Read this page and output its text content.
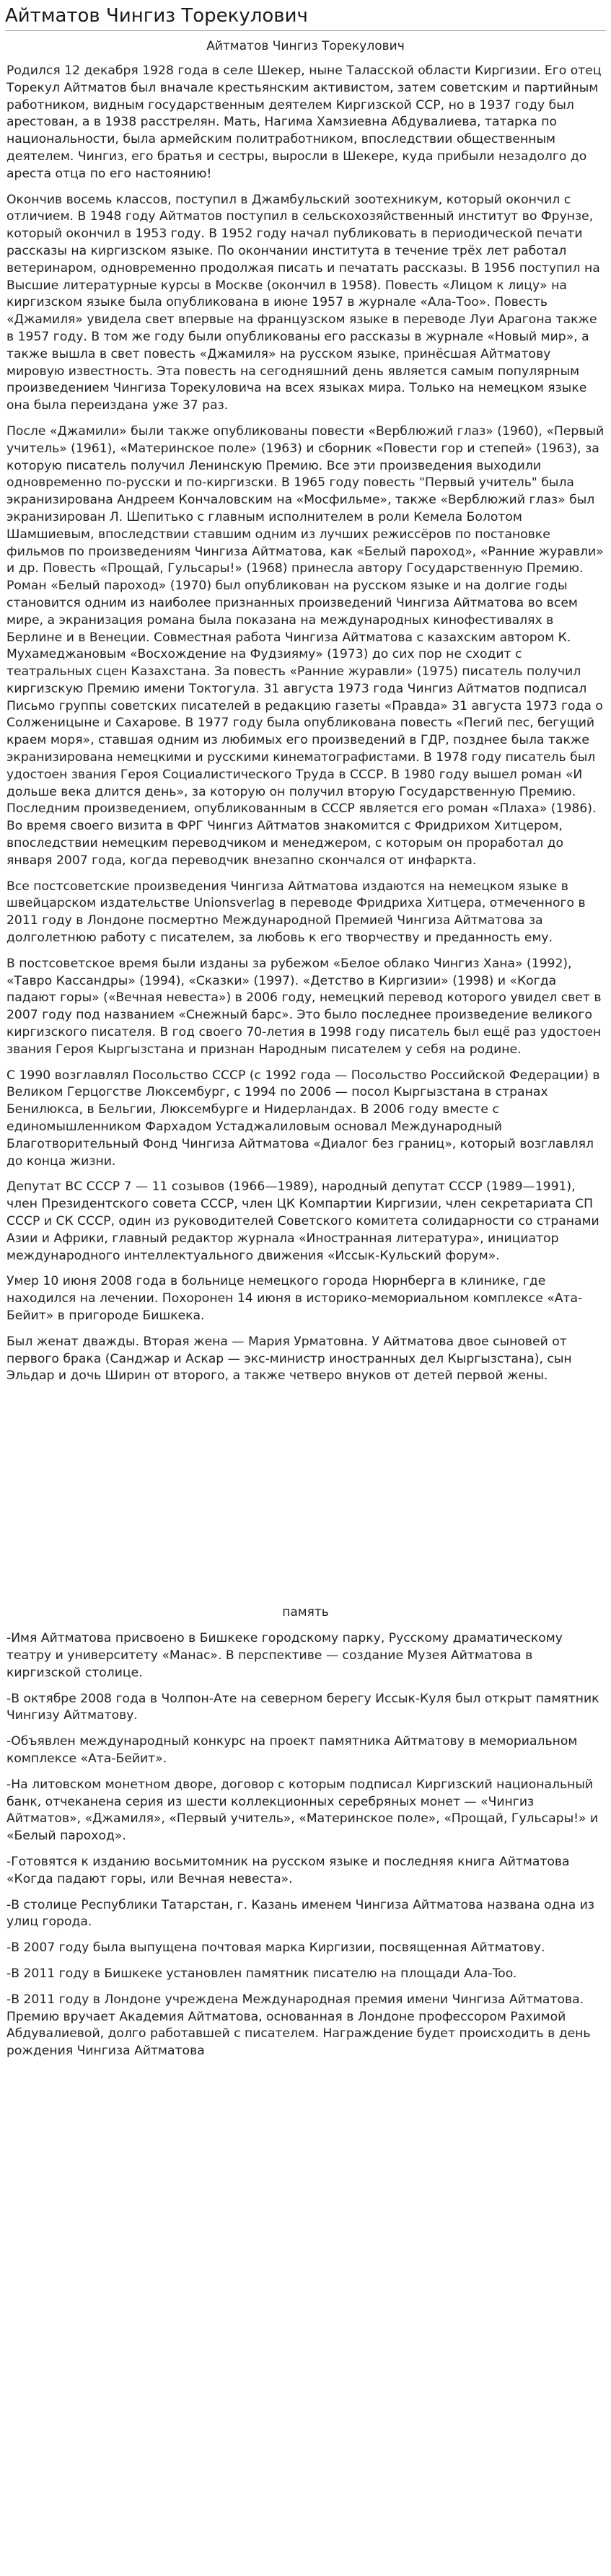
Айтматов Чингиз Торекулович
Айтматов Чингиз Торекулович

Родился 12 декабря 1928 года в селе Шекер, ныне Таласской области Киргизии. Его отец Торекул Айтматов был вначале крестьянским активистом, затем советским и партийным работником, видным государственным деятелем Киргизской ССР, но в 1937 году был арестован, а в 1938 расстрелян. Мать, Нагима Хамзиевна Абдувалиева, татарка по национальности, была армейским политработником, впоследствии общественным деятелем. Чингиз, его братья и сестры, выросли в Шекере, куда прибыли незадолго до ареста отца по его настоянию!

Окончив восемь классов, поступил в Джамбульский зоотехникум, который окончил с отличием. В 1948 году Айтматов поступил в сельскохозяйственный институт во Фрунзе, который окончил в 1953 году. В 1952 году начал публиковать в периодической печати рассказы на киргизском языке. По окончании института в течение трёх лет работал ветеринаром, одновременно продолжая писать и печатать рассказы. В 1956 поступил на Высшие литературные курсы в Москве (окончил в 1958). Повесть «Лицом к лицу» на киргизском языке была опубликована в июне 1957 в журнале «Ала-Тоо». Повесть «Джамиля» увидела свет впервые на французском языке в переводе Луи Арагона также в 1957 году. В том же году были опубликованы его рассказы в журнале «Новый мир», а также вышла в свет повесть «Джамиля» на русском языке, принёсшая Айтматову мировую известность. Эта повесть на сегодняшний день является самым популярным произведением Чингиза Торекуловича на всех языках мира. Только на немецком языке она была переиздана уже 37 раз.

После «Джамили» были также опубликованы повести «Верблюжий глаз» (1960), «Первый учитель» (1961), «Материнское поле» (1963) и сборник «Повести гор и степей» (1963), за которую писатель получил Ленинскую Премию. Все эти произведения выходили одновременно по-русски и по-киргизски. В 1965 году повесть "Первый учитель" была экранизирована Андреем Кончаловским на «Мосфильме», также «Верблюжий глаз» был экранизирован Л. Шепитько с главным исполнителем в роли Кемела Болотом Шамшиевым, впоследствии ставшим одним из лучших режиссёров по постановке фильмов по произведениям Чингиза Айтматова, как «Белый пароход», «Ранние журавли» и др. Повесть «Прощай, Гульсары!» (1968) принесла автору Государственную Премию. Роман «Белый пароход» (1970) был опубликован на русском языке и на долгие годы становится одним из наиболее признанных произведений Чингиза Айтматова во всем мире, а экранизация романа была показана на международных кинофестивалях в Берлине и в Венеции. Совместная работа Чингиза Айтматова с казахским автором К. Мухамеджановым «Восхождение на Фудзияму» (1973) до сих пор не сходит с театральных сцен Казахстана. За повесть «Ранние журавли» (1975) писатель получил киргизскую Премию имени Токтогула. 31 августа 1973 года Чингиз Айтматов подписал Письмо группы советских писателей в редакцию газеты «Правда» 31 августа 1973 года о Солженицыне и Сахарове. В 1977 году была опубликована повесть «Пегий пес, бегущий краем моря», ставшая одним из любимых его произведений в ГДР, позднее была также экранизирована немецкими и русскими кинематографистами. В 1978 году писатель был удостоен звания Героя Социалистического Труда в СССР. В 1980 году вышел роман «И дольше века длится день», за которую он получил вторую Государственную Премию. Последним произведением, опубликованным в СССР является его роман «Плаха» (1986). Во время своего визита в ФРГ Чингиз Айтматов знакомится с Фридрихом Хитцером, впоследствии немецким переводчиком и менеджером, с которым он проработал до января 2007 года, когда переводчик внезапно скончался от инфаркта.

Все постсоветские произведения Чингиза Айтматова издаются на немецком языке в швейцарском издательстве Unionsverlag в переводе Фридриха Хитцера, отмеченного в 2011 году в Лондоне посмертно Международной Премией Чингиза Айтматова за долголетнюю работу с писателем, за любовь к его творчеству и преданность ему.

В постсоветское время были изданы за рубежом «Белое облако Чингиз Хана» (1992), «Тавро Кассандры» (1994), «Сказки» (1997). «Детство в Киргизии» (1998) и «Когда падают горы» («Вечная невеста») в 2006 году, немецкий перевод которого увидел свет в 2007 году под названием «Снежный барс». Это было последнее произведение великого киргизского писателя. В год своего 70-летия в 1998 году писатель был ещё раз удостоен звания Героя Кыргызстана и признан Народным писателем у себя на родине.

С 1990 возглавлял Посольство СССР (с 1992 года — Посольство Российской Федерации) в Великом Герцогстве Люксембург, с 1994 по 2006 — посол Кыргызстана в странах Бенилюкса, в Бельгии, Люксембурге и Нидерландах. В 2006 году вместе с единомышленником Фархадом Устаджалиловым основал Международный Благотворительный Фонд Чингиза Айтматова «Диалог без границ», который возглавлял до конца жизни.

Депутат ВС СССР 7 — 11 созывов (1966—1989), народный депутат СССР (1989—1991), член Президентского совета СССР, член ЦК Компартии Киргизии, член секретариата СП СССР и СК СССР, один из руководителей Советского комитета солидарности со странами Азии и Африки, главный редактор журнала «Иностранная литература», инициатор международного интеллектуального движения «Иссык-Кульский форум».

Умер 10 июня 2008 года в больнице немецкого города Нюрнберга в клинике, где находился на лечении. Похоронен 14 июня в историко-мемориальном комплексе «Ата-Бейит» в пригороде Бишкека.

Был женат дважды. Вторая жена — Мария Урматовна. У Айтматова двое сыновей от первого брака (Санджар и Аскар — экс-министр иностранных дел Кыргызстана), сын Эльдар и дочь Ширин от второго, а также четверо внуков от детей первой жены.

память

-Имя Айтматова присвоено в Бишкеке городскому парку, Русскому драматическому театру и университету «Манас». В перспективе — создание Музея Айтматова в киргизской столице.

-В октябре 2008 года в Чолпон-Ате на северном берегу Иссык-Куля был открыт памятник Чингизу Айтматову.

-Объявлен международный конкурс на проект памятника Айтматову в мемориальном комплексе «Ата-Бейит».

-На литовском монетном дворе, договор с которым подписал Киргизский национальный банк, отчеканена серия из шести коллекционных серебряных монет — «Чингиз Айтматов», «Джамиля», «Первый учитель», «Материнское поле», «Прощай, Гульсары!» и «Белый пароход».

-Готовятся к изданию восьмитомник на русском языке и последняя книга Айтматова «Когда падают горы, или Вечная невеста».

-В столице Республики Татарстан, г. Казань именем Чингиза Айтматова названа одна из улиц города.

-В 2007 году была выпущена почтовая марка Киргизии, посвященная Айтматову.

-В 2011 году в Бишкеке установлен памятник писателю на площади Ала-Too.

-В 2011 году в Лондоне учреждена Международная премия имени Чингиза Айтматова. Премию вручает Академия Айтматова, основанная в Лондоне профессором Рахимой Абдувалиевой, долго работавшей с писателем. Награждение будет происходить в день рождения Чингиза Айтматова
